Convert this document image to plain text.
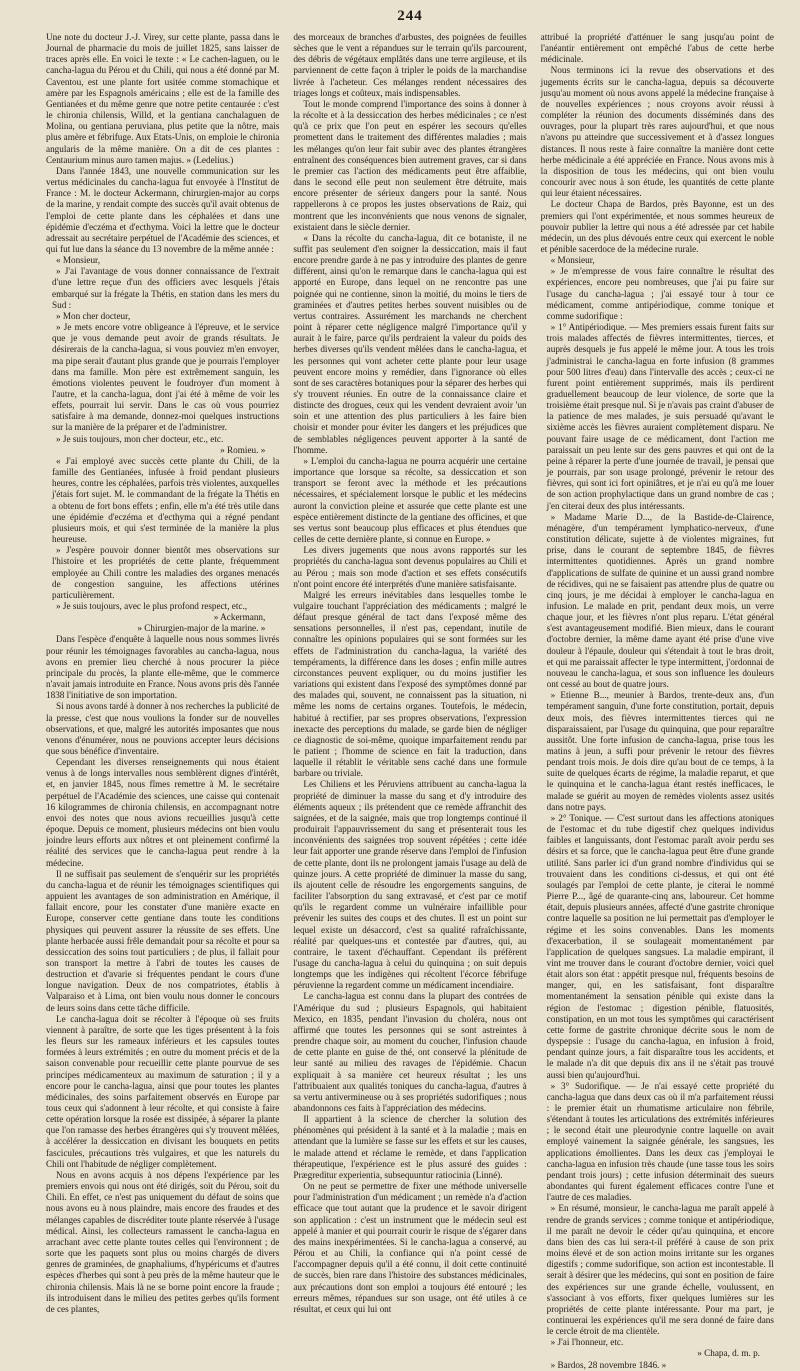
244

Une note du docteur J.-J. Virey, sur cette plante, passa dans le Journal de pharmacie du mois de juillet 1825, sans laisser de traces après elle. En voici le texte : « Le cachen-laguen, ou le cancha-lagua du Pérou et du Chili, qui nous a été donné par M. Caventou, est une plante fort usitée comme stomachique et amère par les Espagnols américains ; elle est de la famille des Gentianées et du même genre que notre petite centaurée : c'est le chironia chilensis, Willd, et la gentiana canchalaguen de Molina, ou gentiana peruviana, plus petite que la nôtre, mais plus amère et fébrifuge. Aux Etats-Unis, on emploie le chironia angularis de la même manière. On a dit de ces plantes : Centaurium minus auro tamen majus. » (Ledelius.)

Dans l'année 1843, une nouvelle communication sur les vertus médicinales du cancha-lagua fut envoyée à l'Institut de France : M. le docteur Ackermann, chirurgien-major au corps de la marine, y rendait compte des succès qu'il avait obtenus de l'emploi de cette plante dans les céphalées et dans une épidémie d'eczéma et d'ecthyma. Voici la lettre que le docteur adressait au secrétaire perpétuel de l'Académie des sciences, et qui fut lue dans la séance du 13 novembre de la même année :

« Monsieur,

» J'ai l'avantage de vous donner connaissance de l'extrait d'une lettre reçue d'un des officiers avec lesquels j'étais embarqué sur la frégate la Thétis, en station dans les mers du Sud :

» Mon cher docteur,

» Je mets encore votre obligeance à l'épreuve, et le service que je vous demande peut avoir de grands résultats. Je désirerais de la cancha-lagua, si vous pouviez m'en envoyer, ma pipe serait d'autant plus grande que je pourrais l'employer dans ma famille. Mon père est extrêmement sanguin, les émotions violentes peuvent le foudroyer d'un moment à l'autre, et la cancha-lagua, dont j'ai été à même de voir les effets, pourrait lui servir. Dans le cas où vous pourriez satisfaire à ma demande, donnez-moi quelques instructions sur la manière de la préparer et de l'administrer.

» Je suis toujours, mon cher docteur, etc., etc.

» Romieu. »

« J'ai employé avec succès cette plante du Chili, de la famille des Gentianées, infusée à froid pendant plusieurs heures, contre les céphalées, parfois très violentes, auxquelles j'étais fort sujet. M. le commandant de la frégate la Thétis en a obtenu de fort bons effets ; enfin, elle m'a été très utile dans une épidémie d'eczéma et d'ecthyma qui a régné pendant plusieurs mois, et qui s'est terminée de la manière la plus heureuse.

» J'espère pouvoir donner bientôt mes observations sur l'histoire et les propriétés de cette plante, fréquemment employée au Chili contre les maladies des organes menacés de congestion sanguine, les affections utérines particulièrement.

» Je suis toujours, avec le plus profond respect, etc.,

» Ackermann,

» Chirurgien-major de la marine. »

Dans l'espèce d'enquête à laquelle nous nous sommes livrés pour réunir les témoignages favorables au cancha-lagua, nous avons en premier lieu cherché à nous procurer la pièce principale du procès, la plante elle-même, que le commerce n'avait jamais introduite en France. Nous avons pris dès l'année 1838 l'initiative de son importation.

Si nous avons tardé à donner à nos recherches la publicité de la presse, c'est que nous voulions la fonder sur de nouvelles observations, et que, malgré les autorités imposantes que nous venons d'énumérer, nous ne pouvions accepter leurs décisions que sous bénéfice d'inventaire.

Cependant les diverses renseignements qui nous étaient venus à de longs intervalles nous semblèrent dignes d'intérêt, et, en janvier 1845, nous fîmes remettre à M. le secrétaire perpétuel de l'Académie des sciences, une caisse qui contenait 16 kilogrammes de chironia chilensis, en accompagnant notre envoi des notes que nous avions recueillies jusqu'à cette époque. Depuis ce moment, plusieurs médecins ont bien voulu joindre leurs efforts aux nôtres et ont pleinement confirmé la réalité des services que le cancha-lagua peut rendre à la médecine.

Il ne suffisait pas seulement de s'enquérir sur les propriétés du cancha-lagua et de réunir les témoignages scientifiques qui appuient les avantages de son administration en Amérique, il fallait encore, pour les constater d'une manière exacte en Europe, conserver cette gentiane dans toute les conditions physiques qui peuvent assurer la réussite de ses effets. Une plante herbacée aussi frêle demandait pour sa récolte et pour sa dessiccation des soins tout particuliers ; de plus, il fallait pour son transport la mettre à l'abri de toutes les causes de destruction et d'avarie si fréquentes pendant le cours d'une longue navigation. Deux de nos compatriotes, établis à Valparaiso et à Lima, ont bien voulu nous donner le concours de leurs soins dans cette tâche difficile.

Le cancha-lagua doit se récolter à l'époque où ses fruits viennent à paraître, de sorte que les tiges présentent à la fois les fleurs sur les rameaux inférieurs et les capsules toutes formées à leurs extrémités ; en outre du moment précis et de la saison convenable pour recueillir cette plante pourvue de ses principes médicamenteux au maximum de saturation ; il y a encore pour le cancha-lagua, ainsi que pour toutes les plantes médicinales, des soins parfaitement observés en Europe par tous ceux qui s'adonnent à leur récolte, et qui consiste à faire cette opération lorsque la rosée est dissipée, à séparer la plante que l'on ramasse des herbes étrangères qui s'y trouvent mêlées, à accélérer la dessiccation en divisant les bouquets en petits fascicules, précautions très vulgaires, et que les naturels du Chili ont l'habitude de négliger complètement.

Nous en avons acquis à nos dépens l'expérience par les premiers envois qui nous ont été dirigés, soit du Pérou, soit du Chili. En effet, ce n'est pas uniquement du défaut de soins que nous avons eu à nous plaindre, mais encore des fraudes et des mélanges capables de discréditer toute plante réservée à l'usage médical. Ainsi, les collecteurs ramassent le cancha-lagua en arrachant avec cette plante toutes celles qui l'environnent ; de sorte que les paquets sont plus ou moins chargés de divers genres de graminées, de gnaphaliums, d'hypéricums et d'autres espèces d'herbes qui sont à peu près de la même hauteur que le chironia chilensis. Mais là ne se borne point encore la fraude ; ils introduisent dans le milieu des petites gerbes qu'ils forment de ces plantes,

des morceaux de branches d'arbustes, des poignées de feuilles sèches que le vent a répandues sur le terrain qu'ils parcourent, des débris de végétaux emplâtés dans une terre argileuse, et ils parviennent de cette façon à tripler le poids de la marchandise livrée à l'acheteur. Ces mélanges rendent nécessaires des triages longs et coûteux, mais indispensables.

Tout le monde comprend l'importance des soins à donner à la récolte et à la dessiccation des herbes médicinales ; ce n'est qu'à ce prix que l'on peut en espérer les secours qu'elles promettent dans le traitement des différentes maladies ; mais les mélanges qu'on leur fait subir avec des plantes étrangères entraînent des conséquences bien autrement graves, car si dans le premier cas l'action des médicaments peut être affaiblie, dans le second elle peut non seulement être détruite, mais encore présenter de sérieux dangers pour la santé. Nous rappellerons à ce propos les justes observations de Raiz, qui montrent que les inconvénients que nous venons de signaler, existaient dans le siècle dernier.

« Dans la récolte du cancha-lagua, dit ce botaniste, il ne suffit pas seulement d'en soigner la dessiccation, mais il faut encore prendre garde à ne pas y introduire des plantes de genre différent, ainsi qu'on le remarque dans le cancha-lagua qui est apporté en Europe, dans lequel on ne rencontre pas une poignée qui ne contienne, sinon la moitié, du moins le tiers de graminées et d'autres petites herbes souvent nuisibles ou de vertus contraires. Assurément les marchands ne cherchent point à réparer cette négligence malgré l'importance qu'il y aurait à le faire, parce qu'ils perdraient la valeur du poids des herbes diverses qu'ils vendent mêlées dans le cancha-lagua, et les personnes qui vont acheter cette plante pour leur usage peuvent encore moins y remédier, dans l'ignorance où elles sont de ses caractères botaniques pour la séparer des herbes qui s'y trouvent réunies. En outre de la connaissance claire et distincte des drogues, ceux qui les vendent devraient avoir 'un soin et une attention des plus particuliers à les faire bien choisir et monder pour éviter les dangers et les préjudices que de semblables négligences peuvent apporter à la santé de l'homme.

» L'emploi du cancha-lagua ne pourra acquérir une certaine importance que lorsque sa récolte, sa dessiccation et son transport se feront avec la méthode et les précautions nécessaires, et spécialement lorsque le public et les médecins auront la conviction pleine et assurée que cette plante est une espèce entièrement distincte de la gentiane des officines, et que ses vertus sont beaucoup plus efficaces et plus étendues que celles de cette dernière plante, si connue en Europe. »

Les divers jugements que nous avons rapportés sur les propriétés du cancha-lagua sont devenus populaires au Chili et au Pérou ; mais son mode d'action et ses effets consécutifs n'ont point encore été interprétés d'une manière satisfaisante.

Malgré les erreurs inévitables dans lesquelles tombe le vulgaire touchant l'appréciation des médicaments ; malgré le défaut presque général de tact dans l'exposé même des sensations personnelles, il n'est pas, cependant, inutile de connaître les opinions populaires qui se sont formées sur les effets de l'administration du cancha-lagua, la variété des tempéraments, la différence dans les doses ; enfin mille autres circonstances peuvent expliquer, ou du moins justifier les variations qui existent dans l'exposé des symptômes donné par des malades qui, souvent, ne connaissent pas la situation, ni même les noms de certains organes. Toutefois, le médecin, habitué à rectifier, par ses propres observations, l'expression inexacte des perceptions du malade, se garde bien de négliger ce diagnostic de soi-même, quoique imparfaitement rendu par le patient ; l'homme de science en fait la traduction, dans laquelle il rétablit le véritable sens caché dans une formule barbare ou triviale.

Les Chiliens et les Péruviens attribuent au cancha-lagua la propriété de diminuer la masse du sang et d'y introduire des éléments aqueux ; ils prétendent que ce remède affranchit des saignées, et de la saignée, mais que trop longtemps continué il produirait l'appauvrissement du sang et présenterait tous les inconvénients des saignées trop souvent répétées ; cette idée leur fait apporter une grande réserve dans l'emploi de l'infusion de cette plante, dont ils ne prolongent jamais l'usage au delà de quinze jours. A cette propriété de diminuer la masse du sang, ils ajoutent celle de résoudre les engorgements sanguins, de faciliter l'absorption du sang extravasé, et c'est par ce motif qu'ils le regardent comme un vulnéraire infaillible pour prévenir les suites des coups et des chutes. Il est un point sur lequel existe un désaccord, c'est sa qualité rafraîchissante, réalité par quelques-uns et contestée par d'autres, qui, au contraire, le taxent d'échauffant. Cependant ils préfèrent l'usage du cancha-lagua à celui du quinquina ; on suit depuis longtemps que les indigènes qui récoltent l'écorce fébrifuge péruvienne la regardent comme un médicament incendiaire.

Le cancha-lagua est connu dans la plupart des contrées de l'Amérique du sud ; plusieurs Espagnols, qui habitaient Mexico, en 1835, pendant l'invasion du choléra, nous ont affirmé que toutes les personnes qui se sont astreintes à prendre chaque soir, au moment du coucher, l'infusion chaude de cette plante en guise de thé, ont conservé la plénitude de leur santé au milieu des ravages de l'épidémie. Chacun expliquait à sa manière cet heureux résultat ; les uns l'attribuaient aux qualités toniques du cancha-lagua, d'autres à sa vertu antivermineuse ou à ses propriétés sudorifiques ; nous abandonnons ces faits à l'appréciation des médecins.

Il appartient à la science de chercher la solution des phénomènes qui président à la santé et à la maladie ; mais en attendant que la lumière se fasse sur les effets et sur les causes, le malade attend et réclame le remède, et dans l'application thérapeutique, l'expérience est le plus assuré des guides : Prægreditur experientia, subsequuntur ratiocinia (Linné).

On ne peut se permettre de fixer une méthode universelle pour l'administration d'un médicament ; un remède n'a d'action efficace que tout autant que la prudence et le savoir dirigent son application : c'est un instrument que le médecin seul est appelé à manier et qui pourrait courir le risque de s'égarer dans des mains inexpérimentées. Si le cancha-lagua a conservé, au Pérou et au Chili, la confiance qui n'a point cessé de l'accompagner depuis qu'il a été connu, il doit cette continuité de succès, bien rare dans l'histoire des substances médicinales, aux précautions dont son emploi a toujours été entouré ; les erreurs mêmes, répandues sur son usage, ont été utiles à ce résultat, et ceux qui lui ont

attribué la propriété d'atténuer le sang jusqu'au point de l'anéantir entièrement ont empêché l'abus de cette herbe médicinale.

Nous terminons ici la revue des observations et des jugements écrits sur le cancha-lagua, depuis sa découverte jusqu'au moment où nous avons appelé la médecine française à de nouvelles expériences ; nous croyons avoir réussi à compléter la réunion des documents disséminés dans des ouvrages, pour la plupart très rares aujourd'hui, et que nous n'avons pu atteindre que successivement et à d'assez longues distances. Il nous reste à faire connaître la manière dont cette herbe médicinale a été appréciée en France. Nous avons mis à la disposition de tous les médecins, qui ont bien voulu concourir avec nous à son étude, les quantités de cette plante qui leur étaient nécessaires.

Le docteur Chapa de Bardos, près Bayonne, est un des premiers qui l'ont expérimentée, et nous sommes heureux de pouvoir publier la lettre qui nous a été adressée par cet habile médecin, un des plus dévoués entre ceux qui exercent le noble et pénible sacerdoce de la médecine rurale.

« Monsieur,

» Je m'empresse de vous faire connaître le résultat des expériences, encore peu nombreuses, que j'ai pu faire sur l'usage du cancha-lagua ; j'ai essayé tour à tour ce médicament, comme antipériodique, comme tonique et comme sudorifique :

» 1° Antipériodique. — Mes premiers essais furent faits sur trois malades affectés de fièvres intermittentes, tierces, et auprès desquels je fus appelé le même jour. A tous les trois j'administrai le cancha-lagua en forte infusion (8 grammes pour 500 litres d'eau) dans l'intervalle des accès ; ceux-ci ne furent point entièrement supprimés, mais ils perdirent graduellement beaucoup de leur violence, de sorte que la troisième était presque nul. Si je n'avais pas craint d'abuser de la patience de mes malades, je suis persuadé qu'avant le sixième accès les fièvres auraient complètement disparu. Ne pouvant faire usage de ce médicament, dont l'action me paraissait un peu lente sur des gens pauvres et qui ont de la peine à réparer la perte d'une journée de travail, je pensai que je pourrais, par son usage prolongé, prévenir le retour des fièvres, qui sont ici fort opiniâtres, et je n'ai eu qu'à me louer de son action prophylactique dans un grand nombre de cas ; j'en citerai deux des plus intéressants.

» Madame Marie D..., de la Bastide-de-Clairence, ménagère, d'un tempérament lymphatico-nerveux, d'une constitution délicate, sujette à de violentes migraines, fut prise, dans le courant de septembre 1845, de fièvres intermittentes quotidiennes. Après un grand nombre d'applications de sulfate de quinine et un aussi grand nombre de récidives, qui ne se faisaient pas attendre plus de quatre ou cinq jours, je me décidai à employer le cancha-lagua en infusion. Le malade en prit, pendant deux mois, un verre chaque jour, et les fièvres n'ont plus reparu. L'état général s'est avantageusement modifié. Bien mieux, dans le courant d'octobre dernier, la même dame ayant été prise d'une vive douleur à l'épaule, douleur qui s'étendait à tout le bras droit, et qui me paraissait affecter le type intermittent, j'ordonnai de nouveau le cancha-lagua, et sous son influence les douleurs ont cessé au bout de quatre jours.

» Etienne B..., meunier à Bardos, trente-deux ans, d'un tempérament sanguin, d'une forte constitution, portait, depuis deux mois, des fièvres intermittentes tierces qui ne disparaissaient, par l'usage du quinquina, que pour reparaître aussitôt. Une forte infusion de cancha-lagua, prise tous les matins à jeun, a suffi pour prévenir le retour des fièvres pendant trois mois. Je dois dire qu'au bout de ce temps, à la suite de quelques écarts de régime, la maladie reparut, et que le quinquina et le cancha-lagua étant restés inefficaces, le malade se guérit au moyen de remèdes violents assez usités dans notre pays.

» 2° Tonique. — C'est surtout dans les affections atoniques de l'estomac et du tube digestif chez quelques individus faibles et languissants, dont l'estomac paraît avoir perdu ses désirs et sa force, que le cancha-lagua peut être d'une grande utilité. Sans parler ici d'un grand nombre d'individus qui se trouvaient dans les conditions ci-dessus, et qui ont été soulagés par l'emploi de cette plante, je citerai le nommé Pierre P..., âgé de quarante-cinq ans, laboureur. Cet homme était, depuis plusieurs années, affecté d'une gastrite chronique contre laquelle sa position ne lui permettait pas d'employer le régime et les soins convenables. Dans les moments d'exacerbation, il se soulageait momentanément par l'application de quelques sangsues. La maladie empirant, il vint me trouver dans le courant d'octobre dernier, voici quel était alors son état : appétit presque nul, fréquents besoins de manger, qui, en les satisfaisant, font disparaître momentanément la sensation pénible qui existe dans la région de l'estomac ; digestion pénible, flatuosités, constipation, en un mot tous les symptômes qui caractérisent cette forme de gastrite chronique décrite sous le nom de dyspepsie : l'usage du cancha-lagua, en infusion à froid, pendant quinze jours, a fait disparaître tous les accidents, et le malade n'a dit que depuis dix ans il ne s'était pas trouvé aussi bien qu'aujourd'hui.

» 3° Sudorifique. — Je n'ai essayé cette propriété du cancha-lagua que dans deux cas où il m'a parfaitement réussi : le premier était un rhumatisme articulaire non fébrile, s'étendant à toutes les articulations des extrémités inférieures ; le second était une pleurodynie contre laquelle on avait employé vainement la saignée générale, les sangsues, les applications émollientes. Dans les deux cas j'employai le cancha-lagua en infusion très chaude (une tasse tous les soirs pendant trois jours) ; cette infusion déterminait des sueurs abondantes qui furent également efficaces contre l'une et l'autre de ces maladies.

» En résumé, monsieur, le cancha-lagua me paraît appelé à rendre de grands services ; comme tonique et antipériodique, il me paraît ne devoir le céder qu'au quinquina, et encore dans bien des cas lui sera-t-il préféré à cause de son prix moins élevé et de son action moins irritante sur les organes digestifs ; comme sudorifique, son action est incontestable. Il serait à désirer que les médecins, qui sont en position de faire des expériences sur une grande échelle, voulussent, en s'associant à vos efforts, fixer quelques lumières sur les propriétés de cette plante intéressante. Pour ma part, je continuerai les expériences qu'il me sera donné de faire dans le cercle étroit de ma clientèle.

» J'ai l'honneur, etc.

» Chapa, d. m. p.

» Bardos, 28 novembre 1846. »
